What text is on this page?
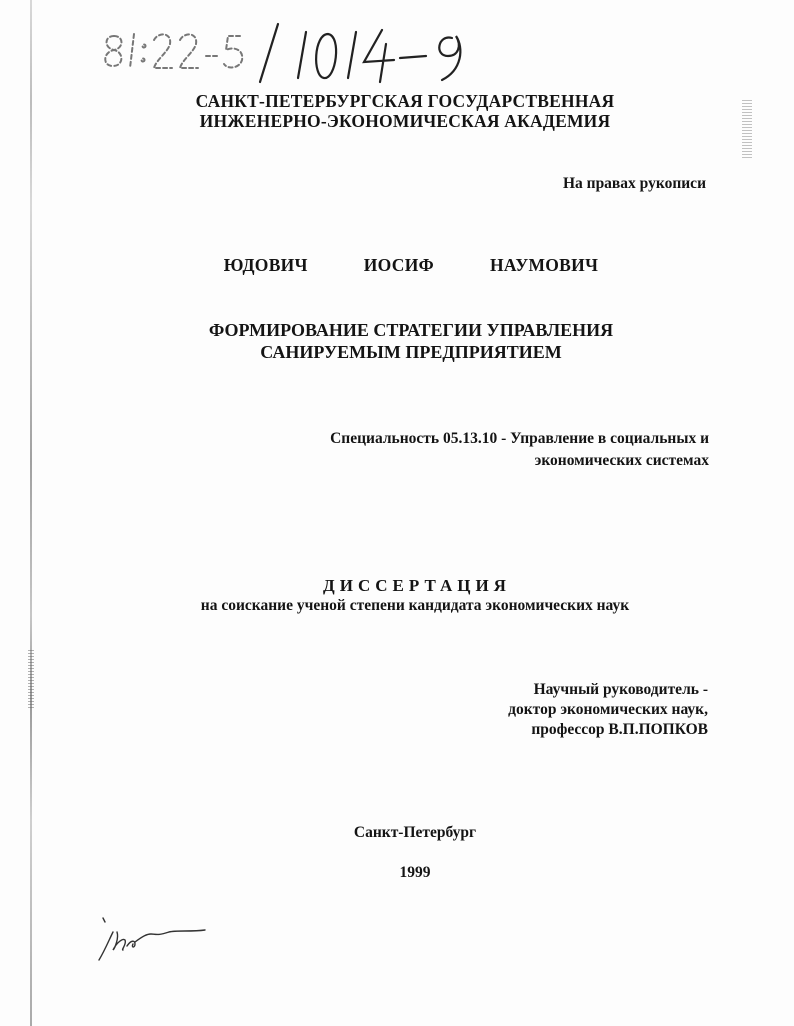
САНКТ-ПЕТЕРБУРГСКАЯ ГОСУДАРСТВЕННАЯ
ИНЖЕНЕРНО-ЭКОНОМИЧЕСКАЯ АКАДЕМИЯ
На правах рукописи
ЮДОВИЧ   ИОСИФ   НАУМОВИЧ
ФОРМИРОВАНИЕ СТРАТЕГИИ УПРАВЛЕНИЯ
САНИРУЕМЫМ ПРЕДПРИЯТИЕМ
Специальность 05.13.10 - Управление в социальных и
экономических системах
ДИССЕРТАЦИЯ
на соискание ученой степени кандидата экономических наук
Научный руководитель -
доктор экономических наук,
профессор В.П.ПОПКОВ
Санкт-Петербург
1999
